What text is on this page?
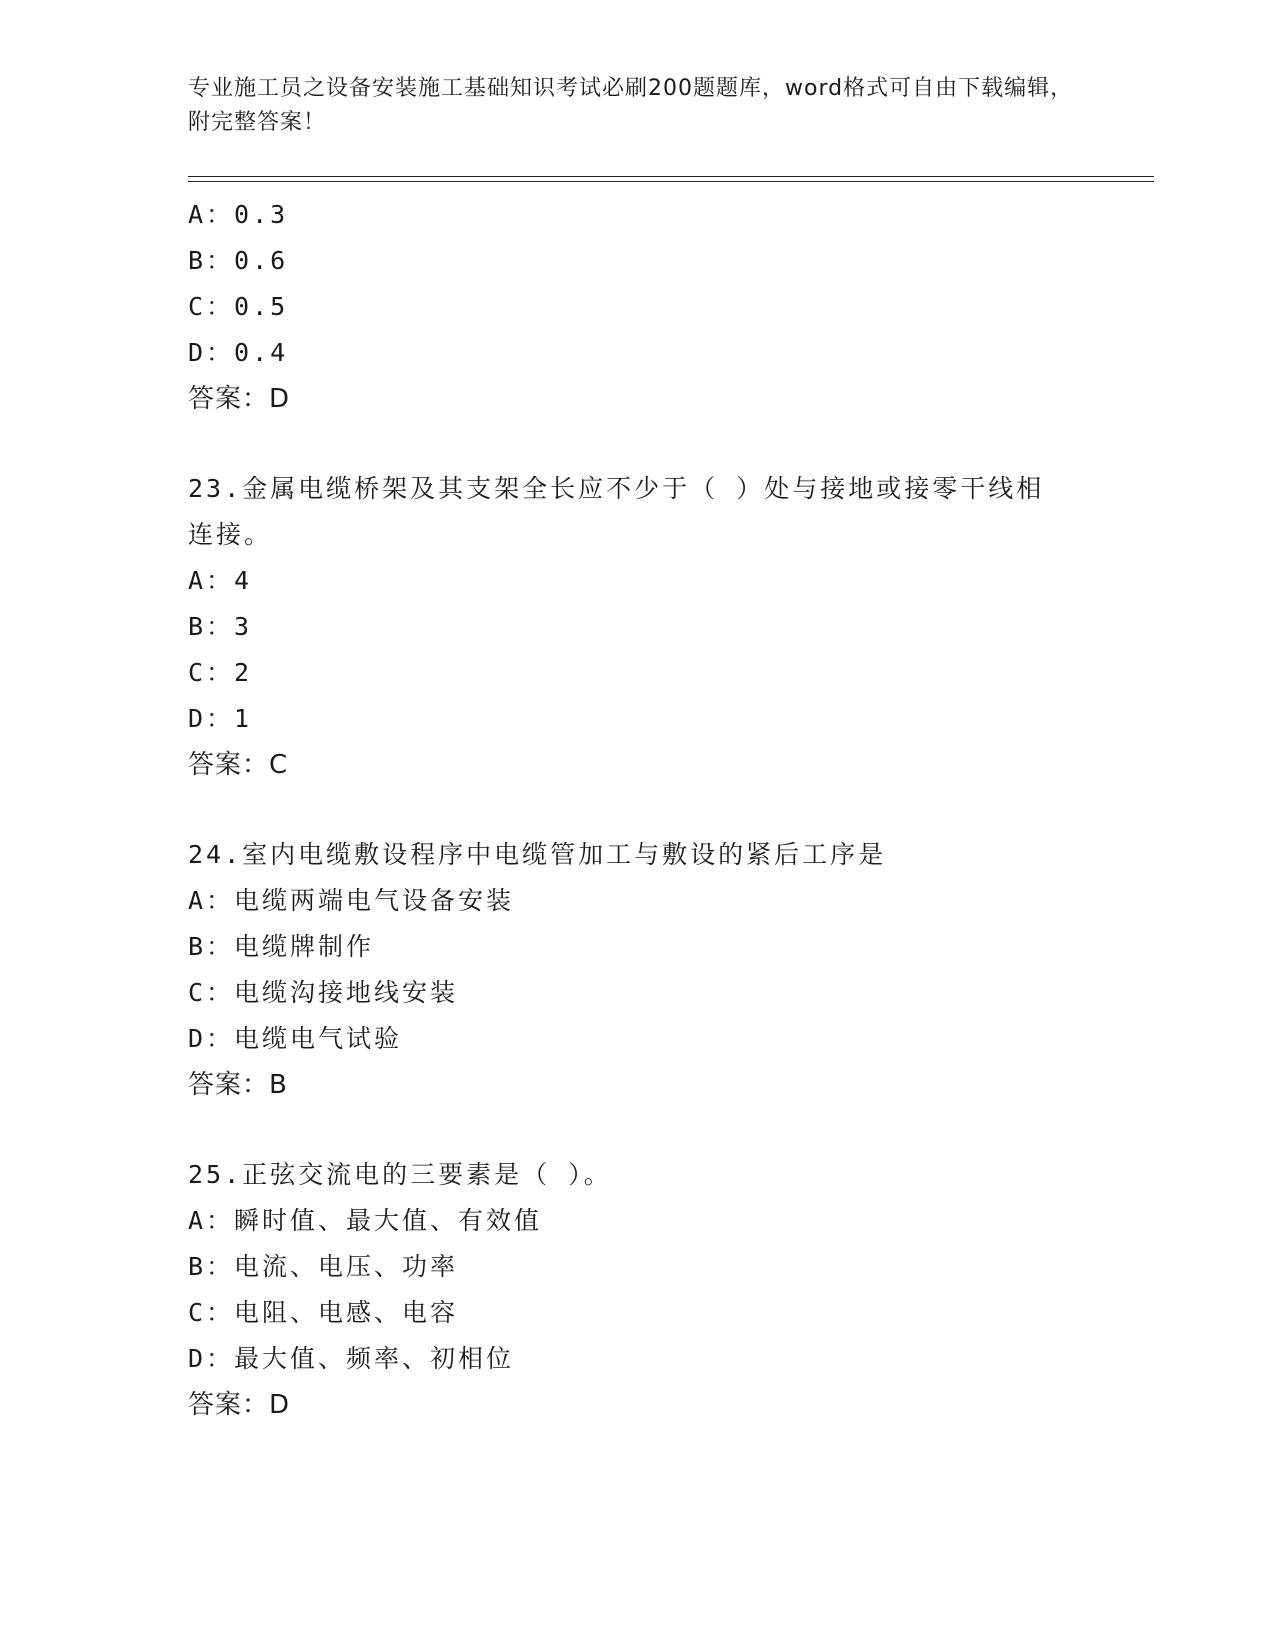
专业施工员之设备安装施工基础知识考试必刷200题题库，word格式可自由下载编辑，附完整答案！
A：0.3
B：0.6
C：0.5
D：0.4
答案：D
23.金属电缆桥架及其支架全长应不少于（ ）处与接地或接零干线相连接。
A：4
B：3
C：2
D：1
答案：C
24.室内电缆敷设程序中电缆管加工与敷设的紧后工序是
A：电缆两端电气设备安装
B：电缆牌制作
C：电缆沟接地线安装
D：电缆电气试验
答案：B
25.正弦交流电的三要素是（ ）。
A：瞬时值、最大值、有效值
B：电流、电压、功率
C：电阻、电感、电容
D：最大值、频率、初相位
答案：D
